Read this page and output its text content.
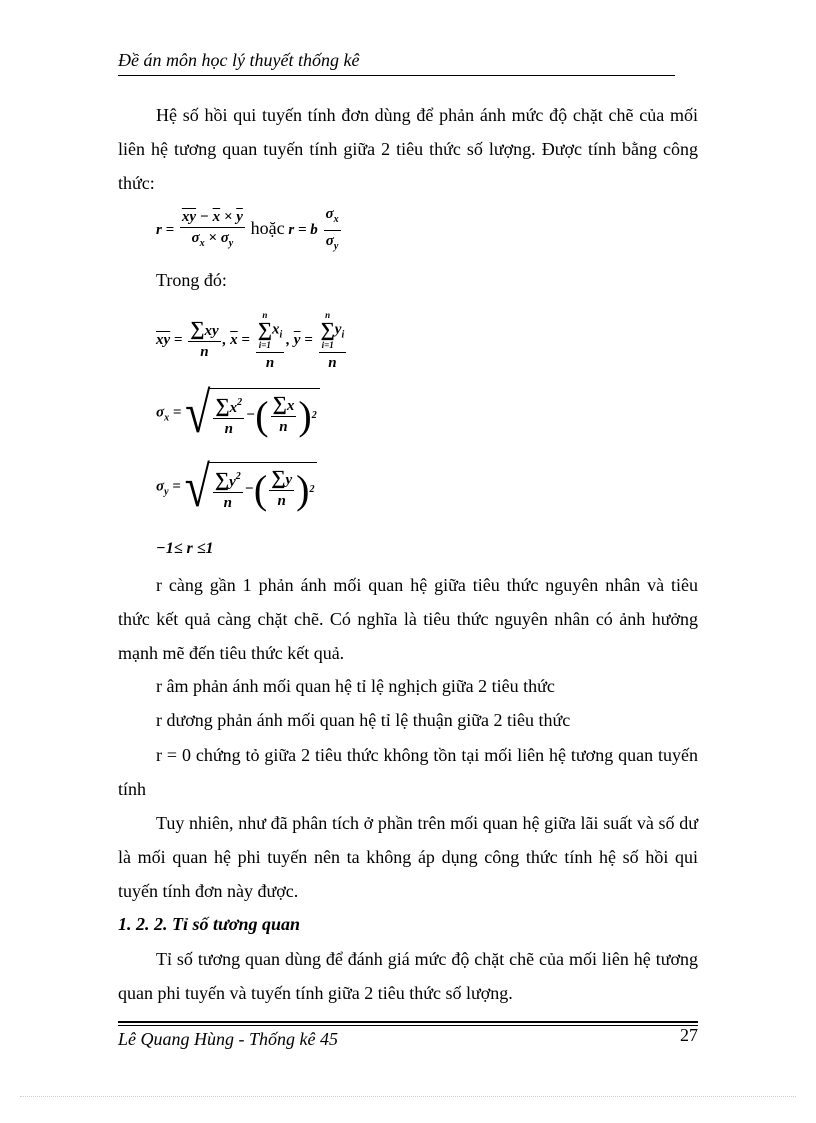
Đề án môn học lý thuyết thống kê
Hệ số hồi qui tuyến tính đơn dùng để phản ánh mức độ chặt chẽ của mối liên hệ tương quan tuyến tính giữa 2 tiêu thức số lượng. Được tính bằng công thức:
$r = \frac{\overline{xy} - \overline{x} \times \overline{y}}{\sigma_x \times \sigma_y}$ hoặc r = b $\frac{\sigma_x}{\sigma_y}$
Trong đó:
$\overline{xy} = \frac{\sum xy}{n}$ , $\overline{x} = n$
∑
i=1
$x_i$
n , $\overline{y} = n$
∑
i=1
$y_i$
n
$\sigma_x$ = √ $\frac{\sum x^2}{n}$ − ( $\frac{\sum x}{n}$ ) 2
$\sigma_y$ = √ $\frac{\sum y^2}{n}$ − ( $\frac{\sum y}{n}$ ) 2
−1≤ r ≤1
r càng gần 1 phản ánh mối quan hệ giữa tiêu thức nguyên nhân và tiêu thức kết quả càng chặt chẽ. Có nghĩa là tiêu thức nguyên nhân có ảnh hưởng mạnh mẽ đến tiêu thức kết quả.
r âm phản ánh mối quan hệ tỉ lệ nghịch giữa 2 tiêu thức
r dương phản ánh mối quan hệ tỉ lệ thuận giữa 2 tiêu thức
r = 0 chứng tỏ giữa 2 tiêu thức không tồn tại mối liên hệ tương quan tuyến tính
Tuy nhiên, như đã phân tích ở phần trên mối quan hệ giữa lãi suất và số dư là mối quan hệ phi tuyến nên ta không áp dụng công thức tính hệ số hồi qui tuyến tính đơn này được.
1. 2. 2. Tỉ số tương quan
Tỉ số tương quan dùng để đánh giá mức độ chặt chẽ của mối liên hệ tương quan phi tuyến và tuyến tính giữa 2 tiêu thức số lượng.
Lê Quang Hùng - Thống kê 45	27
